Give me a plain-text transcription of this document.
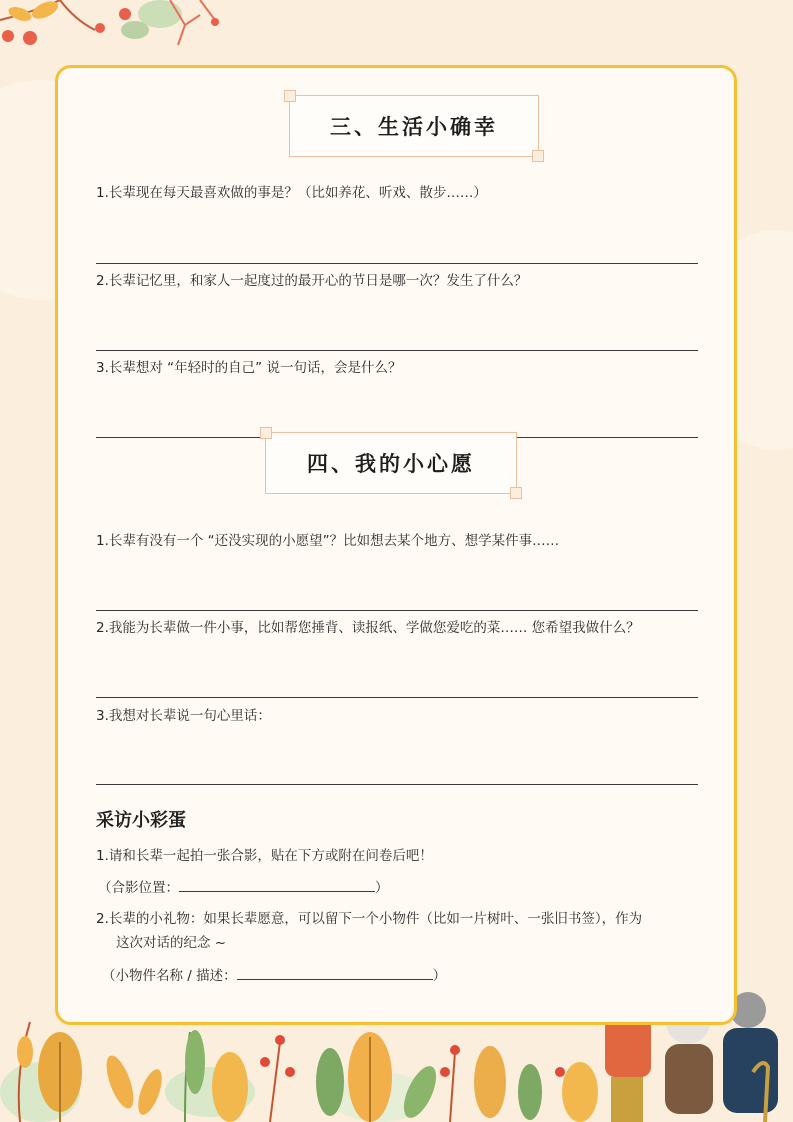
三、生活小确幸
1.长辈现在每天最喜欢做的事是？（比如养花、听戏、散步……）
2.长辈记忆里，和家人一起度过的最开心的节日是哪一次？发生了什么？
3.长辈想对 “年轻时的自己” 说一句话，会是什么？
四、我的小心愿
1.长辈有没有一个 “还没实现的小愿望”？比如想去某个地方、想学某件事……
2.我能为长辈做一件小事，比如帮您捶背、读报纸、学做您爱吃的菜…… 您希望我做什么？
3.我想对长辈说一句心里话：
采访小彩蛋
1.请和长辈一起拍一张合影，贴在下方或附在问卷后吧！
（合影位置：	）
2.长辈的小礼物：如果长辈愿意，可以留下一个小物件（比如一片树叶、一张旧书签），作为
这次对话的纪念 ~
（小物件名称 / 描述：	）
